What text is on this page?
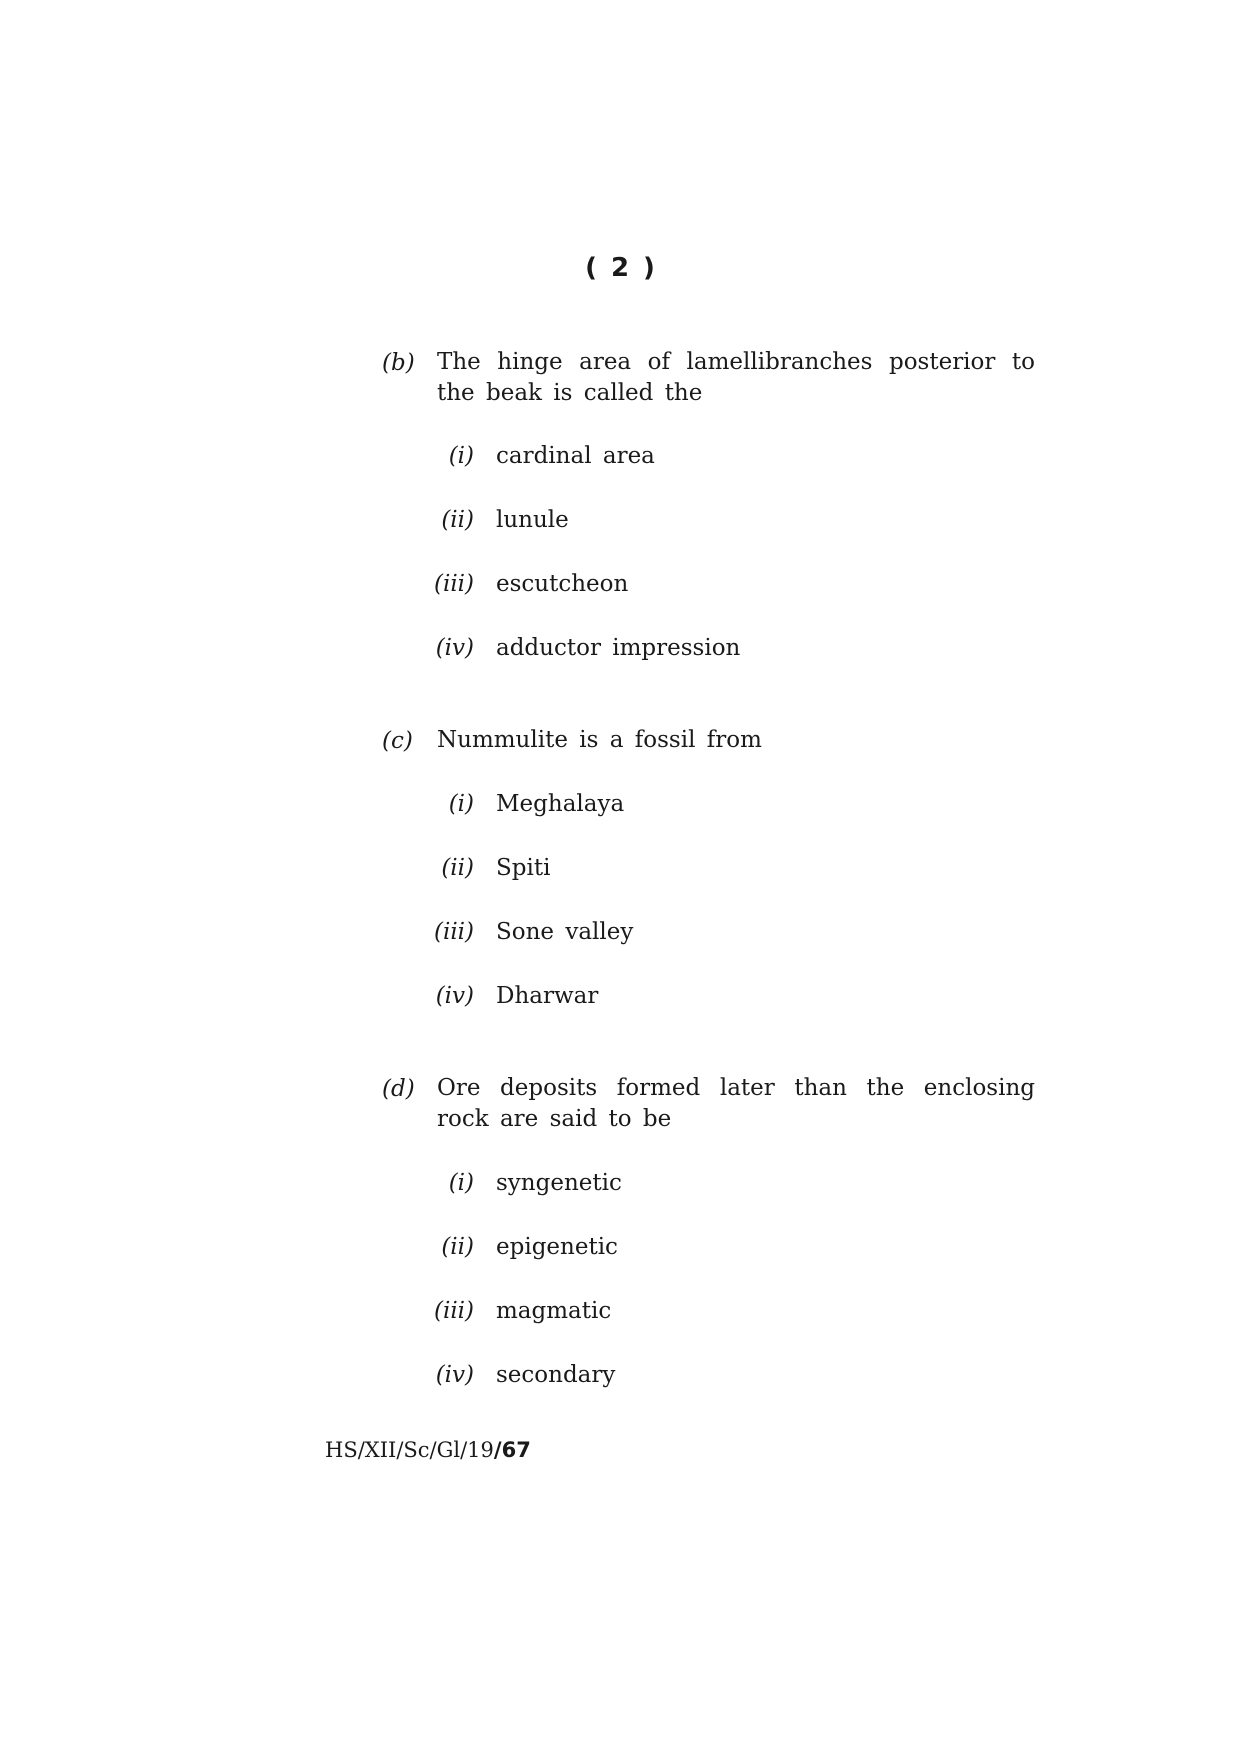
( 2 )
(b) The hinge area of lamellibranches posterior to the beak is called the
(i) cardinal area
(ii) lunule
(iii) escutcheon
(iv) adductor impression
(c) Nummulite is a fossil from
(i) Meghalaya
(ii) Spiti
(iii) Sone valley
(iv) Dharwar
(d) Ore deposits formed later than the enclosing rock are said to be
(i) syngenetic
(ii) epigenetic
(iii) magmatic
(iv) secondary
HS/XII/Sc/Gl/19/67
